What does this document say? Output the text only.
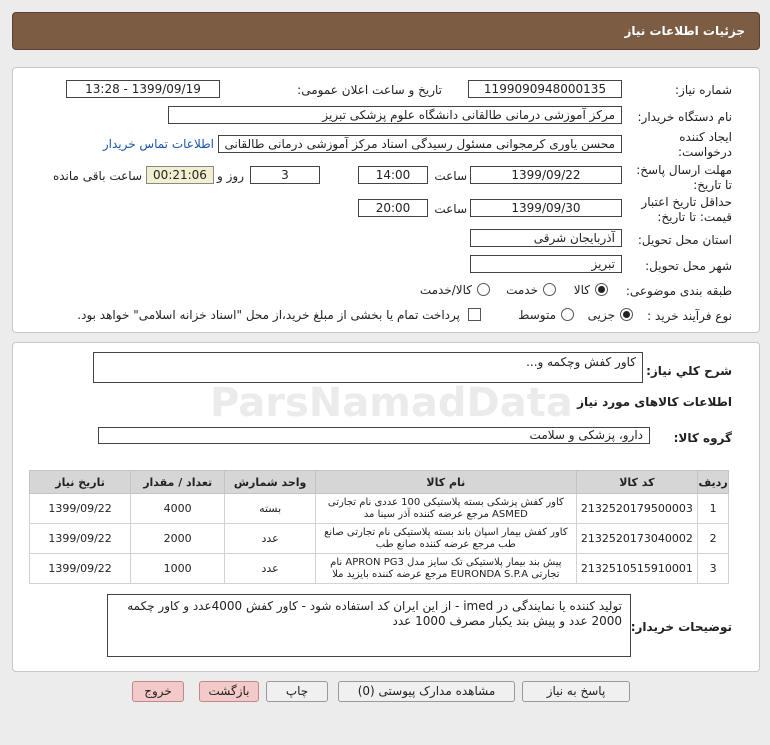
جزئیات اطلاعات نیاز
شماره نیاز:
1199090948000135
تاریخ و ساعت اعلان عمومی:
1399/09/19 - 13:28
نام دستگاه خریدار:
مرکز آموزشی درمانی طالقانی دانشگاه علوم پزشکی تبریز
ایجاد کننده
درخواست:
محسن یاوری کرمجوانی مسئول رسیدگی اسناد مرکز آموزشی درمانی طالقانی
اطلاعات تماس خریدار
مهلت ارسال پاسخ:
تا تاریخ:
1399/09/22
ساعت
14:00
3
روز و
00:21:06
ساعت باقی مانده
حداقل تاریخ اعتبار
قیمت: تا تاریخ:
1399/09/30
ساعت
20:00
استان محل تحویل:
آذربایجان شرقی
شهر محل تحویل:
تبریز
طبقه بندی موضوعی:
کالا
خدمت
کالا/خدمت
نوع فرآیند خرید :
جزیی
متوسط
پرداخت تمام یا بخشی از مبلغ خرید،از محل "اسناد خزانه اسلامی" خواهد بود.
شرح کلي نياز:
کاور کفش وچکمه و...
اطلاعات کالاهای مورد نیاز
گروه کالا:
دارو، پزشکی و سلامت
ردیف	کد کالا	نام کالا	واحد شمارش	تعداد / مقدار	تاریخ نیاز
1	2132520179500003	کاور کفش پزشکی بسته پلاستیکی 100 عددی نام تجارتی ASMED مرجع عرضه کننده آذر سینا مد	بسته	4000	1399/09/22
2	2132520173040002	کاور کفش بیمار اسپان باند بسته پلاستیکی نام تجارتی صانع طب مرجع عرضه کننده صانع طب	عدد	2000	1399/09/22
3	2132510515910001	پیش بند بیمار پلاستیکی تک سایز مدل APRON PG3 نام تجارتی EURONDA S.P.A مرجع عرضه کننده بایزید ملا	عدد	1000	1399/09/22
توضیحات خریدار:
تولید کننده یا نمایندگی در imed - از این ایران کد استفاده شود - کاور کفش 4000عدد و کاور چکمه
2000 عدد و پیش بند یکبار مصرف 1000 عدد
ParsNamadData
پاسخ به نیاز
مشاهده مدارک پیوستی (0)
چاپ
بازگشت
خروج
